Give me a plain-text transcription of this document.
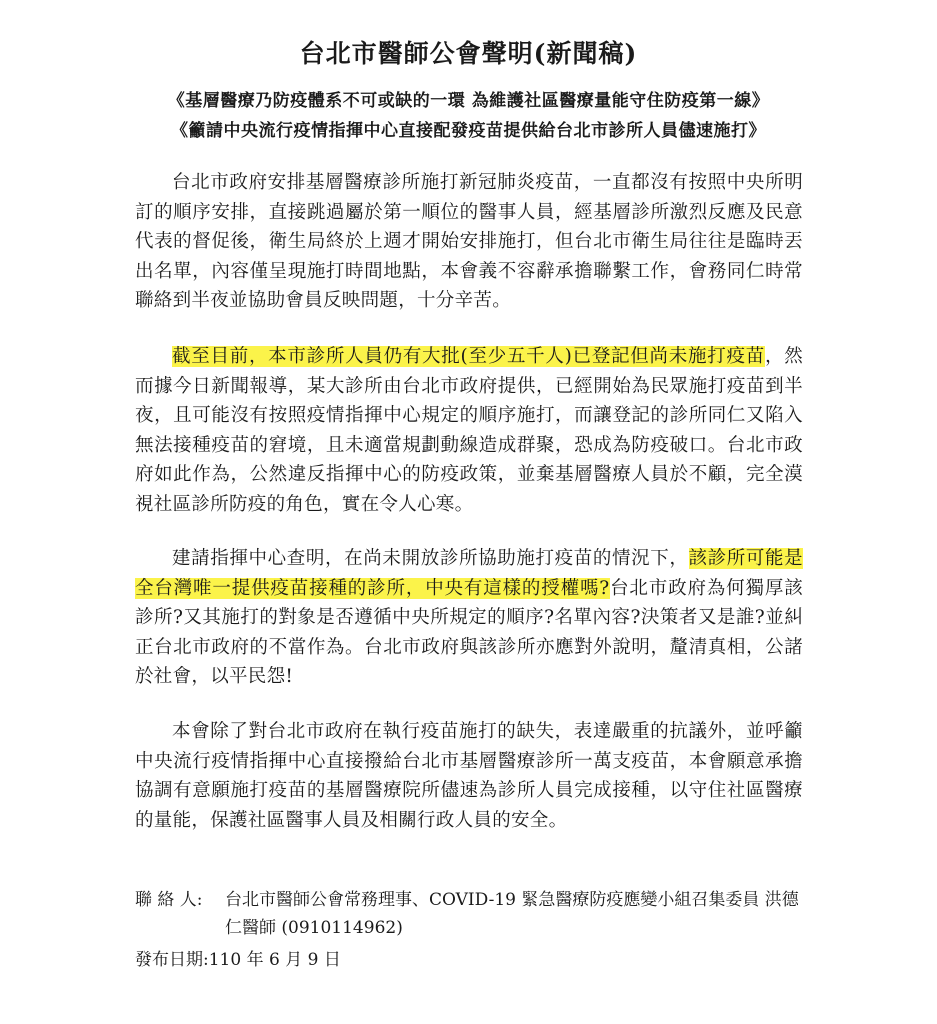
台北市醫師公會聲明(新聞稿)
《基層醫療乃防疫體系不可或缺的一環 為維護社區醫療量能守住防疫第一線》
《籲請中央流行疫情指揮中心直接配發疫苗提供給台北市診所人員儘速施打》
台北市政府安排基層醫療診所施打新冠肺炎疫苗，一直都沒有按照中央所明訂的順序安排，直接跳過屬於第一順位的醫事人員，經基層診所激烈反應及民意代表的督促後，衛生局終於上週才開始安排施打，但台北市衛生局往往是臨時丟出名單，內容僅呈現施打時間地點，本會義不容辭承擔聯繫工作，會務同仁時常聯絡到半夜並協助會員反映問題，十分辛苦。
截至目前，本市診所人員仍有大批(至少五千人)已登記但尚未施打疫苗，然而據今日新聞報導，某大診所由台北市政府提供，已經開始為民眾施打疫苗到半夜，且可能沒有按照疫情指揮中心規定的順序施打，而讓登記的診所同仁又陷入無法接種疫苗的窘境，且未適當規劃動線造成群聚，恐成為防疫破口。台北市政府如此作為，公然違反指揮中心的防疫政策，並棄基層醫療人員於不顧，完全漠視社區診所防疫的角色，實在令人心寒。
建請指揮中心查明，在尚未開放診所協助施打疫苗的情況下，該診所可能是全台灣唯一提供疫苗接種的診所，中央有這樣的授權嗎?台北市政府為何獨厚該診所?又其施打的對象是否遵循中央所規定的順序?名單內容?決策者又是誰?並糾正台北市政府的不當作為。台北市政府與該診所亦應對外說明，釐清真相，公諸於社會，以平民怨!
本會除了對台北市政府在執行疫苗施打的缺失，表達嚴重的抗議外，並呼籲中央流行疫情指揮中心直接撥給台北市基層醫療診所一萬支疫苗，本會願意承擔協調有意願施打疫苗的基層醫療院所儘速為診所人員完成接種，以守住社區醫療的量能，保護社區醫事人員及相關行政人員的安全。
聯 絡 人:	台北市醫師公會常務理事、COVID-19 緊急醫療防疫應變小組召集委員 洪德仁醫師 (0910114962)
發布日期:110 年 6 月 9 日
